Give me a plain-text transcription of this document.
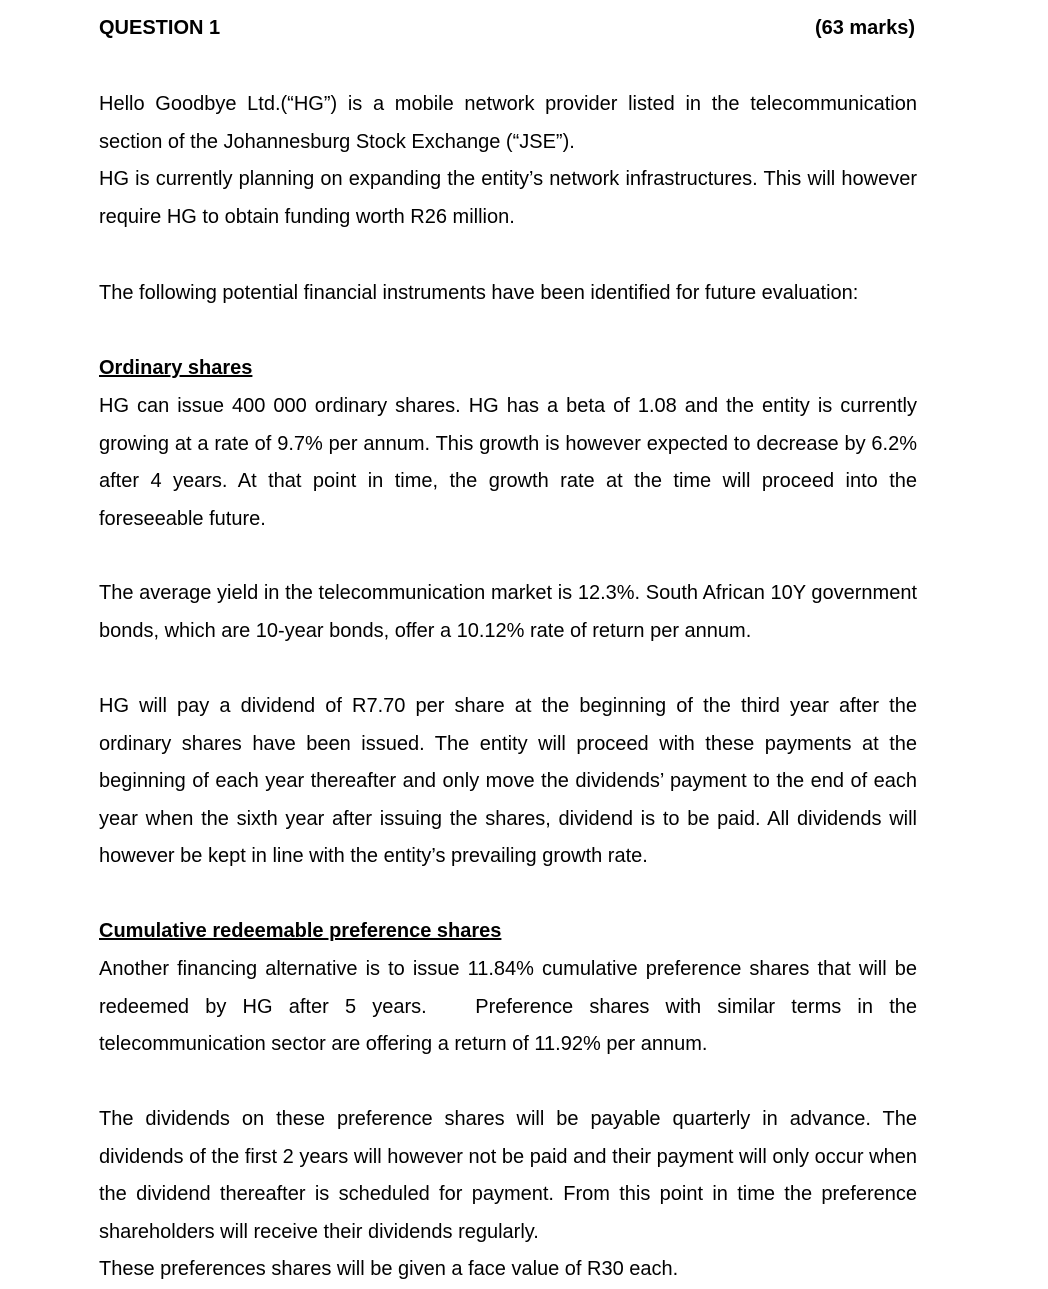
QUESTION 1	(63 marks)

Hello Goodbye Ltd.(“HG”) is a mobile network provider listed in the telecommunication section of the Johannesburg Stock Exchange (“JSE”).

HG is currently planning on expanding the entity’s network infrastructures. This will however require HG to obtain funding worth R26 million.

The following potential financial instruments have been identified for future evaluation:

Ordinary shares

HG can issue 400 000 ordinary shares. HG has a beta of 1.08 and the entity is currently growing at a rate of 9.7% per annum. This growth is however expected to decrease by 6.2% after 4 years. At that point in time, the growth rate at the time will proceed into the foreseeable future.

The average yield in the telecommunication market is 12.3%. South African 10Y government bonds, which are 10-year bonds, offer a 10.12% rate of return per annum.

HG will pay a dividend of R7.70 per share at the beginning of the third year after the ordinary shares have been issued. The entity will proceed with these payments at the beginning of each year thereafter and only move the dividends’ payment to the end of each year when the sixth year after issuing the shares, dividend is to be paid. All dividends will however be kept in line with the entity’s prevailing growth rate.

Cumulative redeemable preference shares

Another financing alternative is to issue 11.84% cumulative preference shares that will be redeemed by HG after 5 years.   Preference shares with similar terms in the telecommunication sector are offering a return of 11.92% per annum.

The dividends on these preference shares will be payable quarterly in advance. The dividends of the first 2 years will however not be paid and their payment will only occur when the dividend thereafter is scheduled for payment. From this point in time the preference shareholders will receive their dividends regularly.

These preferences shares will be given a face value of R30 each.
